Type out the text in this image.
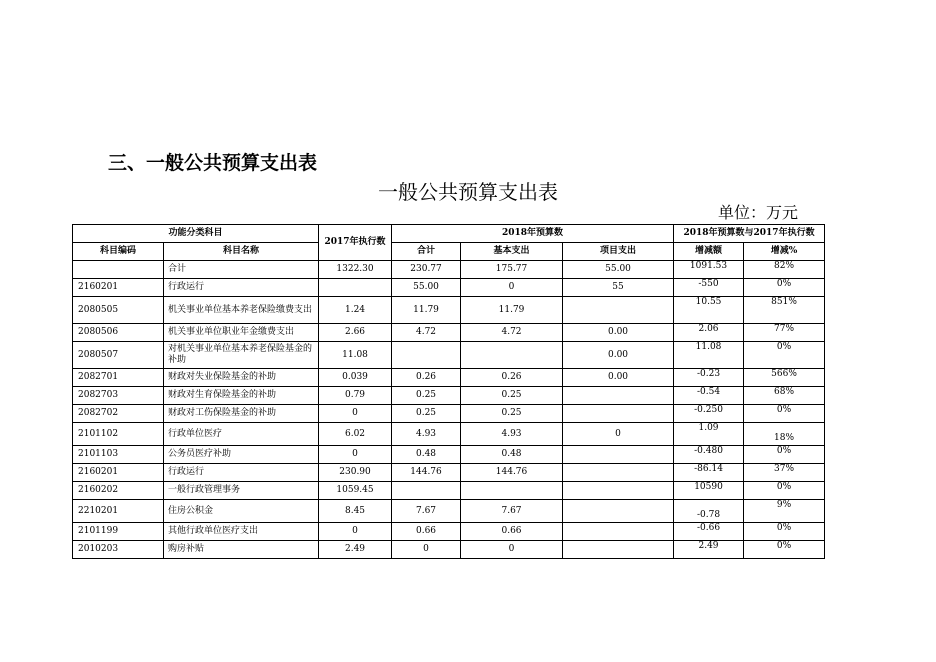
三、一般公共预算支出表
一般公共预算支出表
单位：万元
功能分类科目		2017年执行数	2018年预算数			2018年预算数与2017年执行数	
科目编码	科目名称		合计	基本支出	项目支出	增减额	增减%
	合计	1322.30	230.77	175.77	55.00	1091.53	82%
2160201	行政运行		55.00	0	55	-550	0%
2080505	机关事业单位基本养老保险缴费支出	1.24	11.79	11.79		10.55	851%
2080506	机关事业单位职业年金缴费支出	2.66	4.72	4.72	0.00	2.06	77%
2080507	对机关事业单位基本养老保险基金的补助	11.08			0.00	11.08	0%
2082701	财政对失业保险基金的补助	0.039	0.26	0.26	0.00	-0.23	566%
2082703	财政对生育保险基金的补助	0.79	0.25	0.25		-0.54	68%
2082702	财政对工伤保险基金的补助	0	0.25	0.25		-0.250	0%
2101102	行政单位医疗	6.02	4.93	4.93	0	1.09	18%

2101103	公务员医疗补助	0	0.48	0.48		-0.480	0%
2160201	行政运行	230.90	144.76	144.76		-86.14	37%
2160202	一般行政管理事务	1059.45				10590	0%
2210201	住房公积金	8.45	7.67	7.67		-0.78	9%
2101199	其他行政单位医疗支出	0	0.66	0.66		-0.66	0%
2010203	购房补贴	2.49	0	0		2.49	0%
